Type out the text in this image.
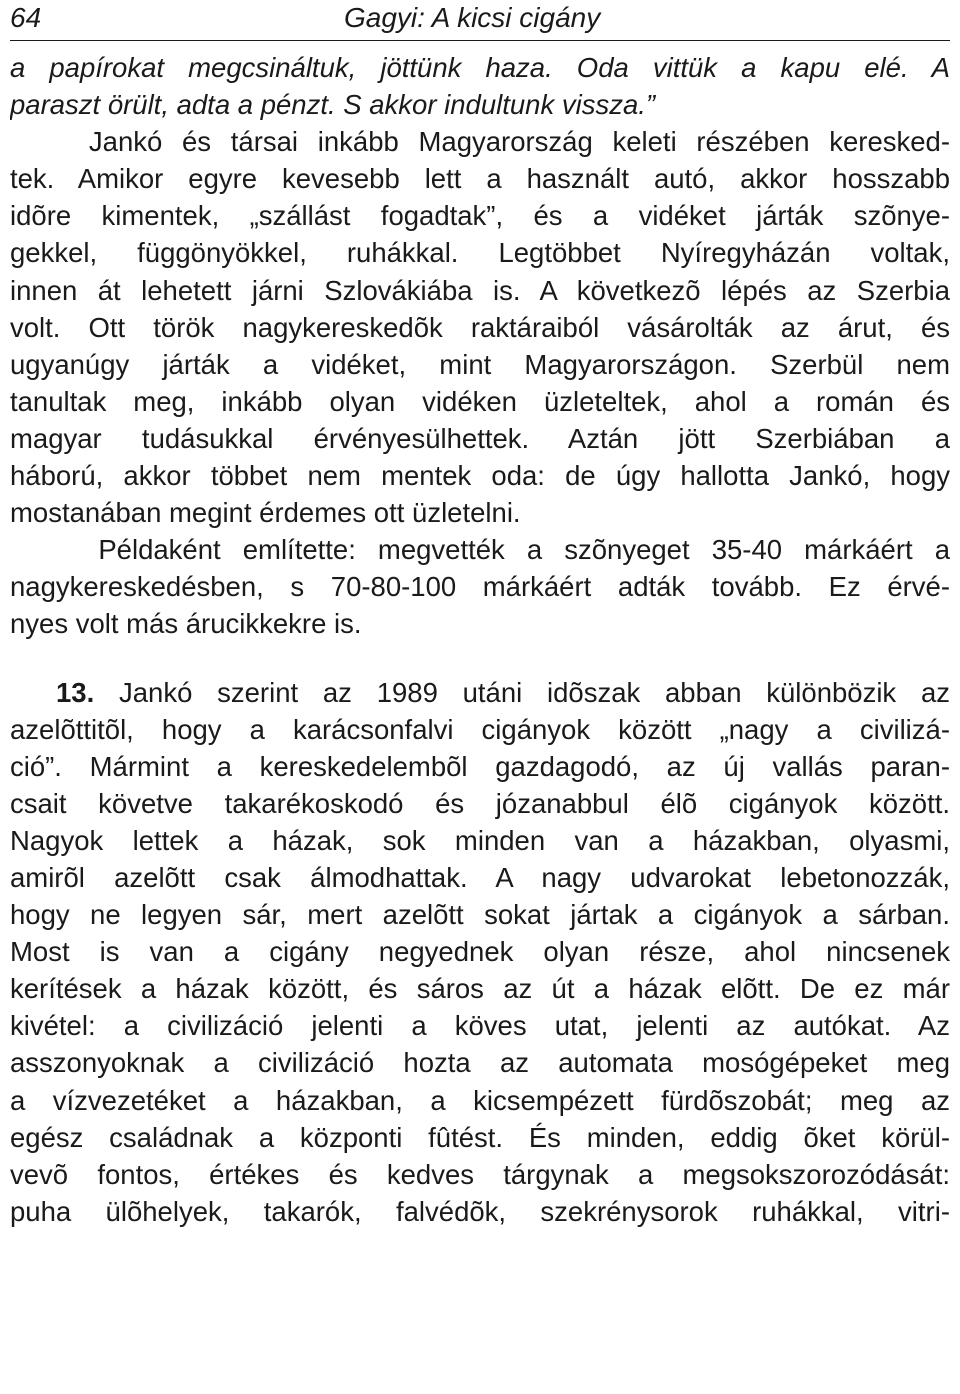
64	Gagyi: A kicsi cigány
a papírokat megcsináltuk, jöttünk haza. Oda vittük a kapu elé. A
paraszt örült, adta a pénzt. S akkor indultunk vissza.”
Jankó és társai inkább Magyarország keleti részében keresked-
tek. Amikor egyre kevesebb lett a használt autó, akkor hosszabb
idõre kimentek, „szállást fogadtak”, és a vidéket járták szõnye-
gekkel, függönyökkel, ruhákkal. Legtöbbet Nyíregyházán voltak,
innen át lehetett járni Szlovákiába is. A következõ lépés az Szerbia
volt. Ott török nagykereskedõk raktáraiból vásárolták az árut, és
ugyanúgy járták a vidéket, mint Magyarországon. Szerbül nem
tanultak meg, inkább olyan vidéken üzleteltek, ahol a román és
magyar tudásukkal érvényesülhettek. Aztán jött Szerbiában a
háború, akkor többet nem mentek oda: de úgy hallotta Jankó, hogy
mostanában megint érdemes ott üzletelni.
Példaként említette: megvették a szõnyeget 35-40 márkáért a
nagykereskedésben, s 70-80-100 márkáért adták tovább. Ez érvé-
nyes volt más árucikkekre is.
13. Jankó szerint az 1989 utáni idõszak abban különbözik az
azelõttitõl, hogy a karácsonfalvi cigányok között „nagy a civilizá-
ció”. Mármint a kereskedelembõl gazdagodó, az új vallás paran-
csait követve takarékoskodó és józanabbul élõ cigányok között.
Nagyok lettek a házak, sok minden van a házakban, olyasmi,
amirõl azelõtt csak álmodhattak. A nagy udvarokat lebetonozzák,
hogy ne legyen sár, mert azelõtt sokat jártak a cigányok a sárban.
Most is van a cigány negyednek olyan része, ahol nincsenek
kerítések a házak között, és sáros az út a házak elõtt. De ez már
kivétel: a civilizáció jelenti a köves utat, jelenti az autókat. Az
asszonyoknak a civilizáció hozta az automata mosógépeket meg
a vízvezetéket a házakban, a kicsempézett fürdõszobát; meg az
egész családnak a központi fûtést. És minden, eddig õket körül-
vevõ fontos, értékes és kedves tárgynak a megsokszorozódását:
puha ülõhelyek, takarók, falvédõk, szekrénysorok ruhákkal, vitri-
